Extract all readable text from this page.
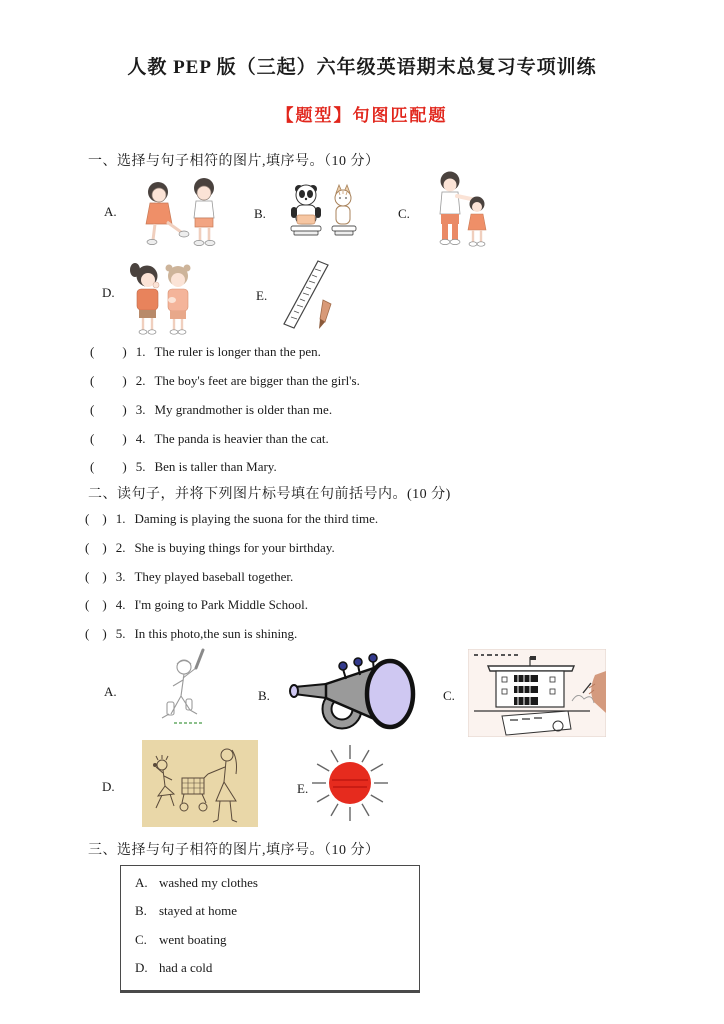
人教 PEP 版（三起）六年级英语期末总复习专项训练
【题型】句图匹配题
一、选择与句子相符的图片,填序号。（10 分）
A.	B.	C.
D.	E.
( ) 1. The ruler is longer than the pen.
( ) 2. The boy's feet are bigger than the girl's.
( ) 3. My grandmother is older than me.
( ) 4. The panda is heavier than the cat.
( ) 5. Ben is taller than Mary.
二、读句子，并将下列图片标号填在句前括号内。(10 分)
( ) 1. Daming is playing the suona for the third time.
( ) 2. She is buying things for your birthday.
( ) 3. They played baseball together.
( ) 4. I'm going to Park Middle School.
( ) 5. In this photo,the sun is shining.
A.	B.	C.
D.	E.
三、选择与句子相符的图片,填序号。（10 分）
A. washed my clothes
B. stayed at home
C. went boating
D. had a cold
